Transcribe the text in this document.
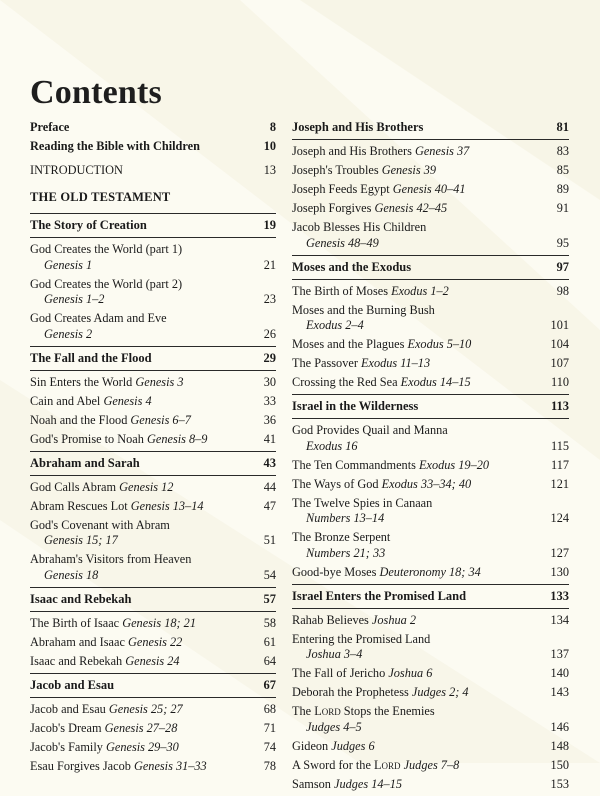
Contents
Preface	8
Reading the Bible with Children	10
INTRODUCTION	13
THE OLD TESTAMENT
The Story of Creation	19
God Creates the World (part 1)
Genesis 1	21
God Creates the World (part 2)
Genesis 1–2	23
God Creates Adam and Eve
Genesis 2	26
The Fall and the Flood	29
Sin Enters the World Genesis 3	30
Cain and Abel Genesis 4	33
Noah and the Flood Genesis 6–7	36
God's Promise to Noah Genesis 8–9	41
Abraham and Sarah	43
God Calls Abram Genesis 12	44
Abram Rescues Lot Genesis 13–14	47
God's Covenant with Abram
Genesis 15; 17	51
Abraham's Visitors from Heaven
Genesis 18	54
Isaac and Rebekah	57
The Birth of Isaac Genesis 18; 21	58
Abraham and Isaac Genesis 22	61
Isaac and Rebekah Genesis 24	64
Jacob and Esau	67
Jacob and Esau Genesis 25; 27	68
Jacob's Dream Genesis 27–28	71
Jacob's Family Genesis 29–30	74
Esau Forgives Jacob Genesis 31–33	78
Joseph and His Brothers	81
Joseph and His Brothers Genesis 37	83
Joseph's Troubles Genesis 39	85
Joseph Feeds Egypt Genesis 40–41	89
Joseph Forgives Genesis 42–45	91
Jacob Blesses His Children
Genesis 48–49	95
Moses and the Exodus	97
The Birth of Moses Exodus 1–2	98
Moses and the Burning Bush
Exodus 2–4	101
Moses and the Plagues Exodus 5–10	104
The Passover Exodus 11–13	107
Crossing the Red Sea Exodus 14–15	110
Israel in the Wilderness	113
God Provides Quail and Manna
Exodus 16	115
The Ten Commandments Exodus 19–20	117
The Ways of God Exodus 33–34; 40	121
The Twelve Spies in Canaan
Numbers 13–14	124
The Bronze Serpent
Numbers 21; 33	127
Good-bye Moses Deuteronomy 18; 34	130
Israel Enters the Promised Land	133
Rahab Believes Joshua 2	134
Entering the Promised Land
Joshua 3–4	137
The Fall of Jericho Joshua 6	140
Deborah the Prophetess Judges 2; 4	143
The Lord Stops the Enemies
Judges 4–5	146
Gideon Judges 6	148
A Sword for the Lord Judges 7–8	150
Samson Judges 14–15	153
